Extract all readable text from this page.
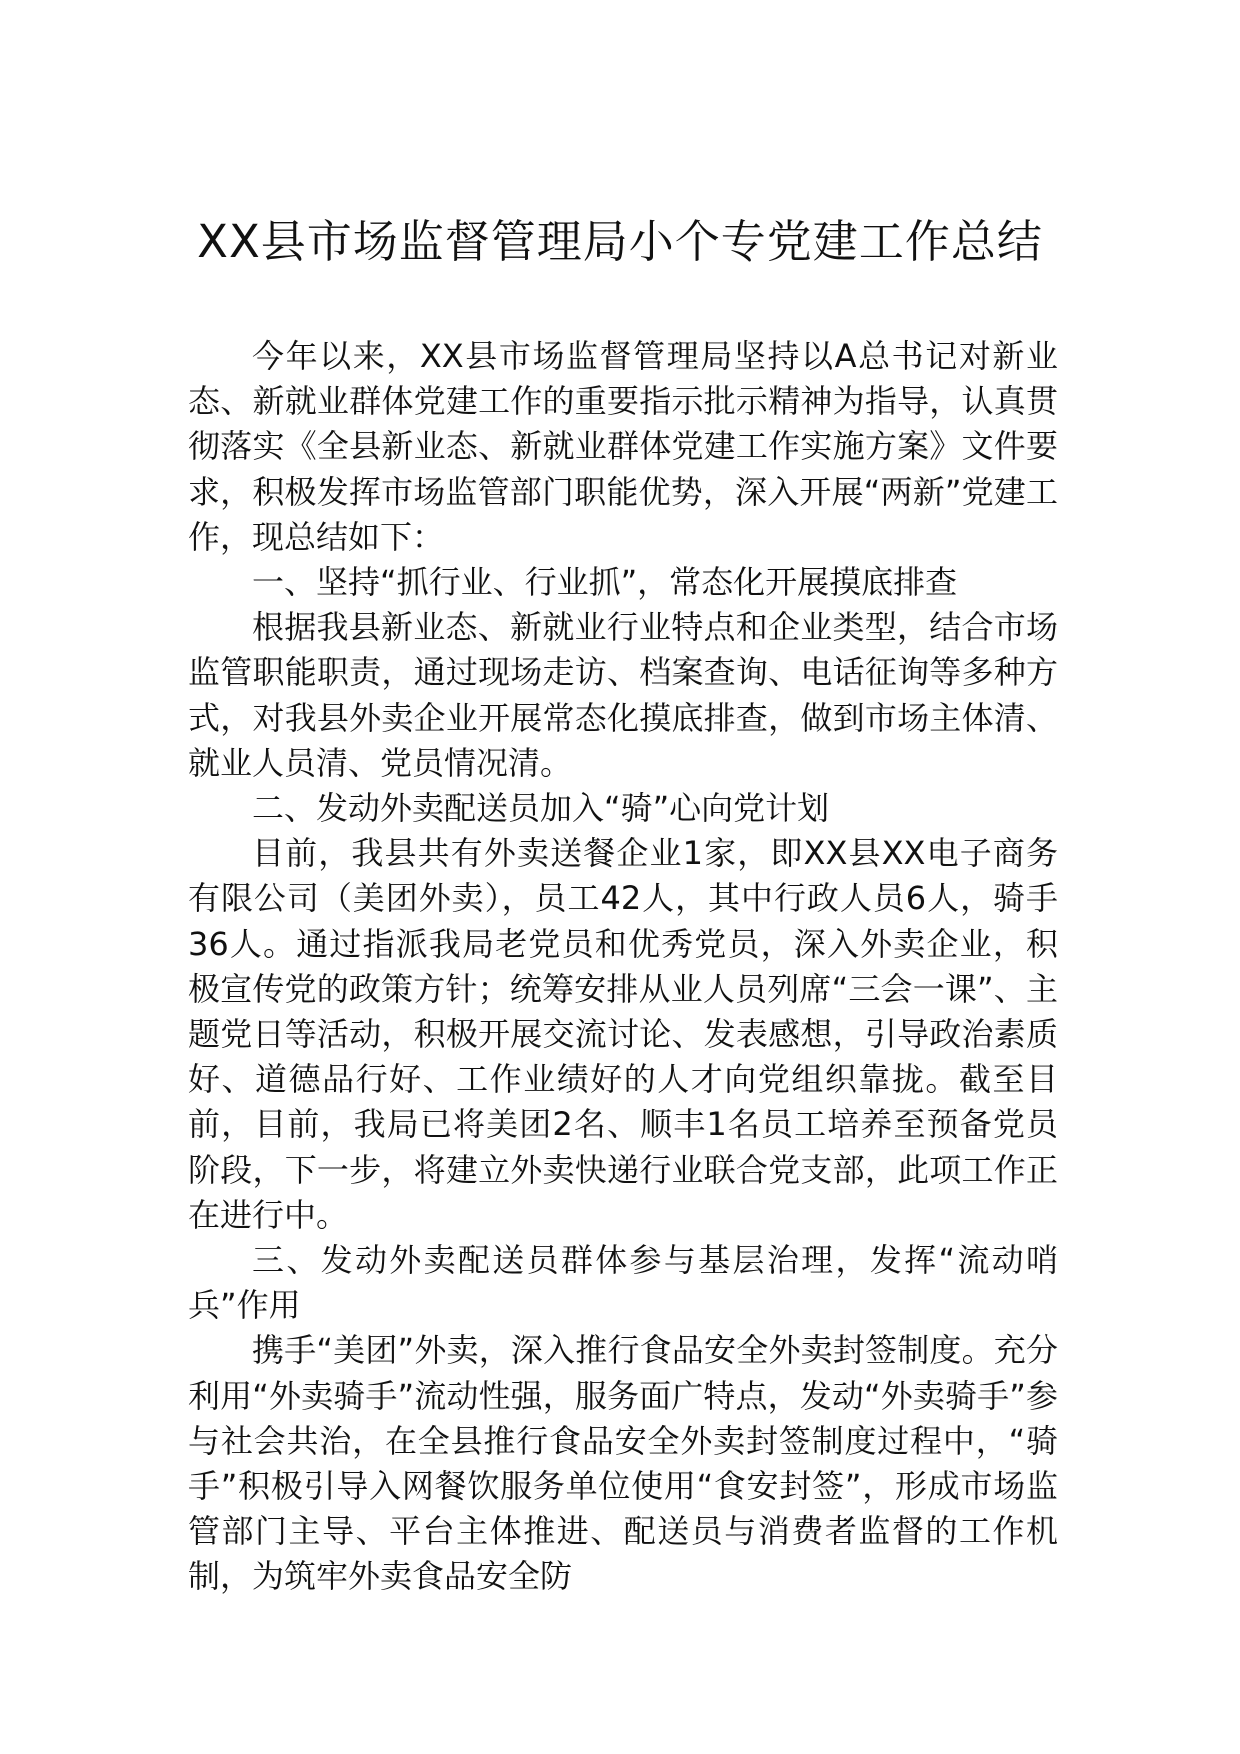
XX县市场监督管理局小个专党建工作总结

今年以来，XX县市场监督管理局坚持以A总书记对新业态、新就业群体党建工作的重要指示批示精神为指导，认真贯彻落实《全县新业态、新就业群体党建工作实施方案》文件要求，积极发挥市场监管部门职能优势，深入开展“两新”党建工作，现总结如下：

一、坚持“抓行业、行业抓”，常态化开展摸底排查

根据我县新业态、新就业行业特点和企业类型，结合市场监管职能职责，通过现场走访、档案查询、电话征询等多种方式，对我县外卖企业开展常态化摸底排查，做到市场主体清、就业人员清、党员情况清。

二、发动外卖配送员加入“骑”心向党计划

目前，我县共有外卖送餐企业1家，即XX县XX电子商务有限公司（美团外卖），员工42人，其中行政人员6人，骑手36人。通过指派我局老党员和优秀党员，深入外卖企业，积极宣传党的政策方针；统筹安排从业人员列席“三会一课”、主题党日等活动，积极开展交流讨论、发表感想，引导政治素质好、道德品行好、工作业绩好的人才向党组织靠拢。截至目前，目前，我局已将美团2名、顺丰1名员工培养至预备党员阶段，下一步，将建立外卖快递行业联合党支部，此项工作正在进行中。

三、发动外卖配送员群体参与基层治理，发挥“流动哨兵”作用

携手“美团”外卖，深入推行食品安全外卖封签制度。充分利用“外卖骑手”流动性强，服务面广特点，发动“外卖骑手”参与社会共治，在全县推行食品安全外卖封签制度过程中，“骑手”积极引导入网餐饮服务单位使用“食安封签”，形成市场监管部门主导、平台主体推进、配送员与消费者监督的工作机制，为筑牢外卖食品安全防
